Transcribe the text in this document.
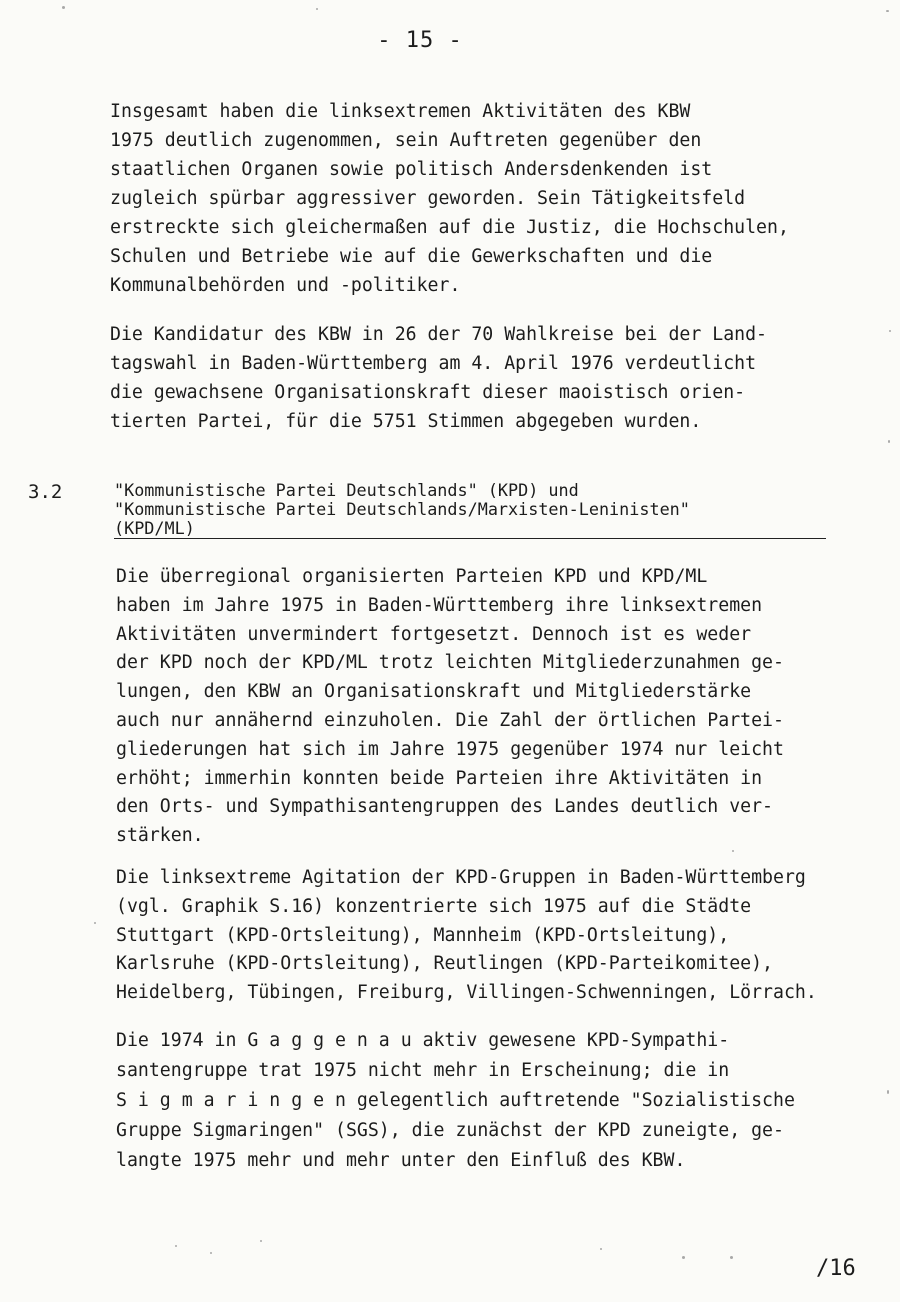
- 15 -

Insgesamt haben die linksextremen Aktivitäten des KBW
1975 deutlich zugenommen, sein Auftreten gegenüber den
staatlichen Organen sowie politisch Andersdenkenden ist
zugleich spürbar aggressiver geworden. Sein Tätigkeitsfeld
erstreckte sich gleichermaßen auf die Justiz, die Hochschulen,
Schulen und Betriebe wie auf die Gewerkschaften und die
Kommunalbehörden und -politiker.

Die Kandidatur des KBW in 26 der 70 Wahlkreise bei der Land-
tagswahl in Baden-Württemberg am 4. April 1976 verdeutlicht
die gewachsene Organisationskraft dieser maoistisch orien-
tierten Partei, für die 5751 Stimmen abgegeben wurden.

3.2	"Kommunistische Partei Deutschlands" (KPD) und
"Kommunistische Partei Deutschlands/Marxisten-Leninisten"
(KPD/ML)

Die überregional organisierten Parteien KPD und KPD/ML
haben im Jahre 1975 in Baden-Württemberg ihre linksextremen
Aktivitäten unvermindert fortgesetzt. Dennoch ist es weder
der KPD noch der KPD/ML trotz leichten Mitgliederzunahmen ge-
lungen, den KBW an Organisationskraft und Mitgliederstärke
auch nur annähernd einzuholen. Die Zahl der örtlichen Partei-
gliederungen hat sich im Jahre 1975 gegenüber 1974 nur leicht
erhöht; immerhin konnten beide Parteien ihre Aktivitäten in
den Orts- und Sympathisantengruppen des Landes deutlich ver-
stärken.

Die linksextreme Agitation der KPD-Gruppen in Baden-Württemberg
(vgl. Graphik S.16) konzentrierte sich 1975 auf die Städte
Stuttgart (KPD-Ortsleitung), Mannheim (KPD-Ortsleitung),
Karlsruhe (KPD-Ortsleitung), Reutlingen (KPD-Parteikomitee),
Heidelberg, Tübingen, Freiburg, Villingen-Schwenningen, Lörrach.

Die 1974 in G a g g e n a u aktiv gewesene KPD-Sympathi-
santengruppe trat 1975 nicht mehr in Erscheinung; die in
S i g m a r i n g e n gelegentlich auftretende "Sozialistische
Gruppe Sigmaringen" (SGS), die zunächst der KPD zuneigte, ge-
langte 1975 mehr und mehr unter den Einfluß des KBW.

/16
